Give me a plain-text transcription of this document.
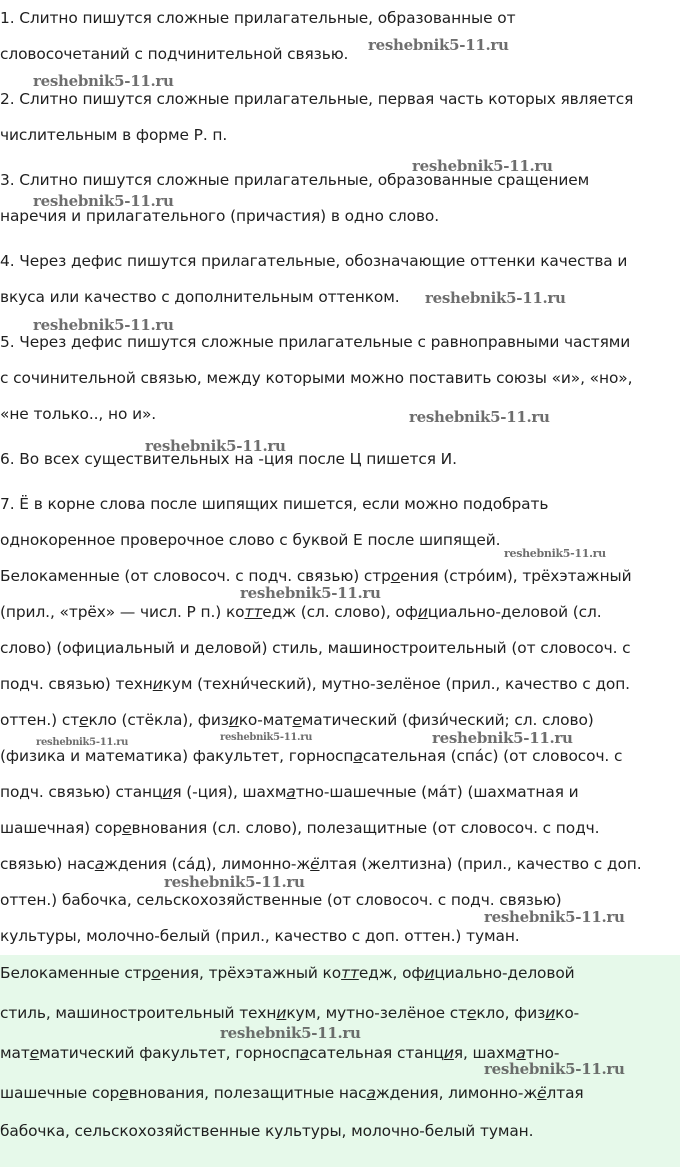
1. Слитно пишутся сложные прилагательные, образованные от
словосочетаний с подчинительной связью.
2. Слитно пишутся сложные прилагательные, первая часть которых является
числительным в форме Р. п.
3. Слитно пишутся сложные прилагательные, образованные сращением
наречия и прилагательного (причастия) в одно слово.
4. Через дефис пишутся прилагательные, обозначающие оттенки качества и
вкуса или качество с дополнительным оттенком.
5. Через дефис пишутся сложные прилагательные с равноправными частями
с сочинительной связью, между которыми можно поставить союзы «и», «но»,
«не только.., но и».
6. Во всех существительных на -ция после Ц пишется И.
7. Ё в корне слова после шипящих пишется, если можно подобрать
однокоренное проверочное слово с буквой Е после шипящей.
Белокаменные (от словосоч. с подч. связью) строения (стро́им), трёхэтажный
(прил., «трёх» — числ. Р п.) коттедж (сл. слово), официально-деловой (сл.
слово) (официальный и деловой) стиль, машиностроительный (от словосоч. с
подч. связью) техникум (техни́ческий), мутно-зелёное (прил., качество с доп.
оттен.) стекло (стёкла), физико-математический (физи́ческий; сл. слово)
(физика и математика) факультет, горноспасательная (спа́с) (от словосоч. с
подч. связью) станция (-ция), шахматно-шашечные (ма́т) (шахматная и
шашечная) соревнования (сл. слово), полезащитные (от словосоч. с подч.
связью) насаждения (са́д), лимонно-жёлтая (желтизна) (прил., качество с доп.
оттен.) бабочка, сельскохозяйственные (от словосоч. с подч. связью)
культуры, молочно-белый (прил., качество с доп. оттен.) туман.
Белокаменные строения, трёхэтажный коттедж, официально-деловой
стиль, машиностроительный техникум, мутно-зелёное стекло, физико-
математический факультет, горноспасательная станция, шахматно-
шашечные соревнования, полезащитные насаждения, лимонно-жёлтая
бабочка, сельскохозяйственные культуры, молочно-белый туман.
reshebnik5-11.ru
reshebnik5-11.ru
reshebnik5-11.ru
reshebnik5-11.ru
reshebnik5-11.ru
reshebnik5-11.ru
reshebnik5-11.ru
reshebnik5-11.ru
reshebnik5-11.ru
reshebnik5-11.ru
reshebnik5-11.ru	reshebnik5-11.ru	reshebnik5-11.ru
reshebnik5-11.ru
reshebnik5-11.ru
reshebnik5-11.ru
reshebnik5-11.ru
